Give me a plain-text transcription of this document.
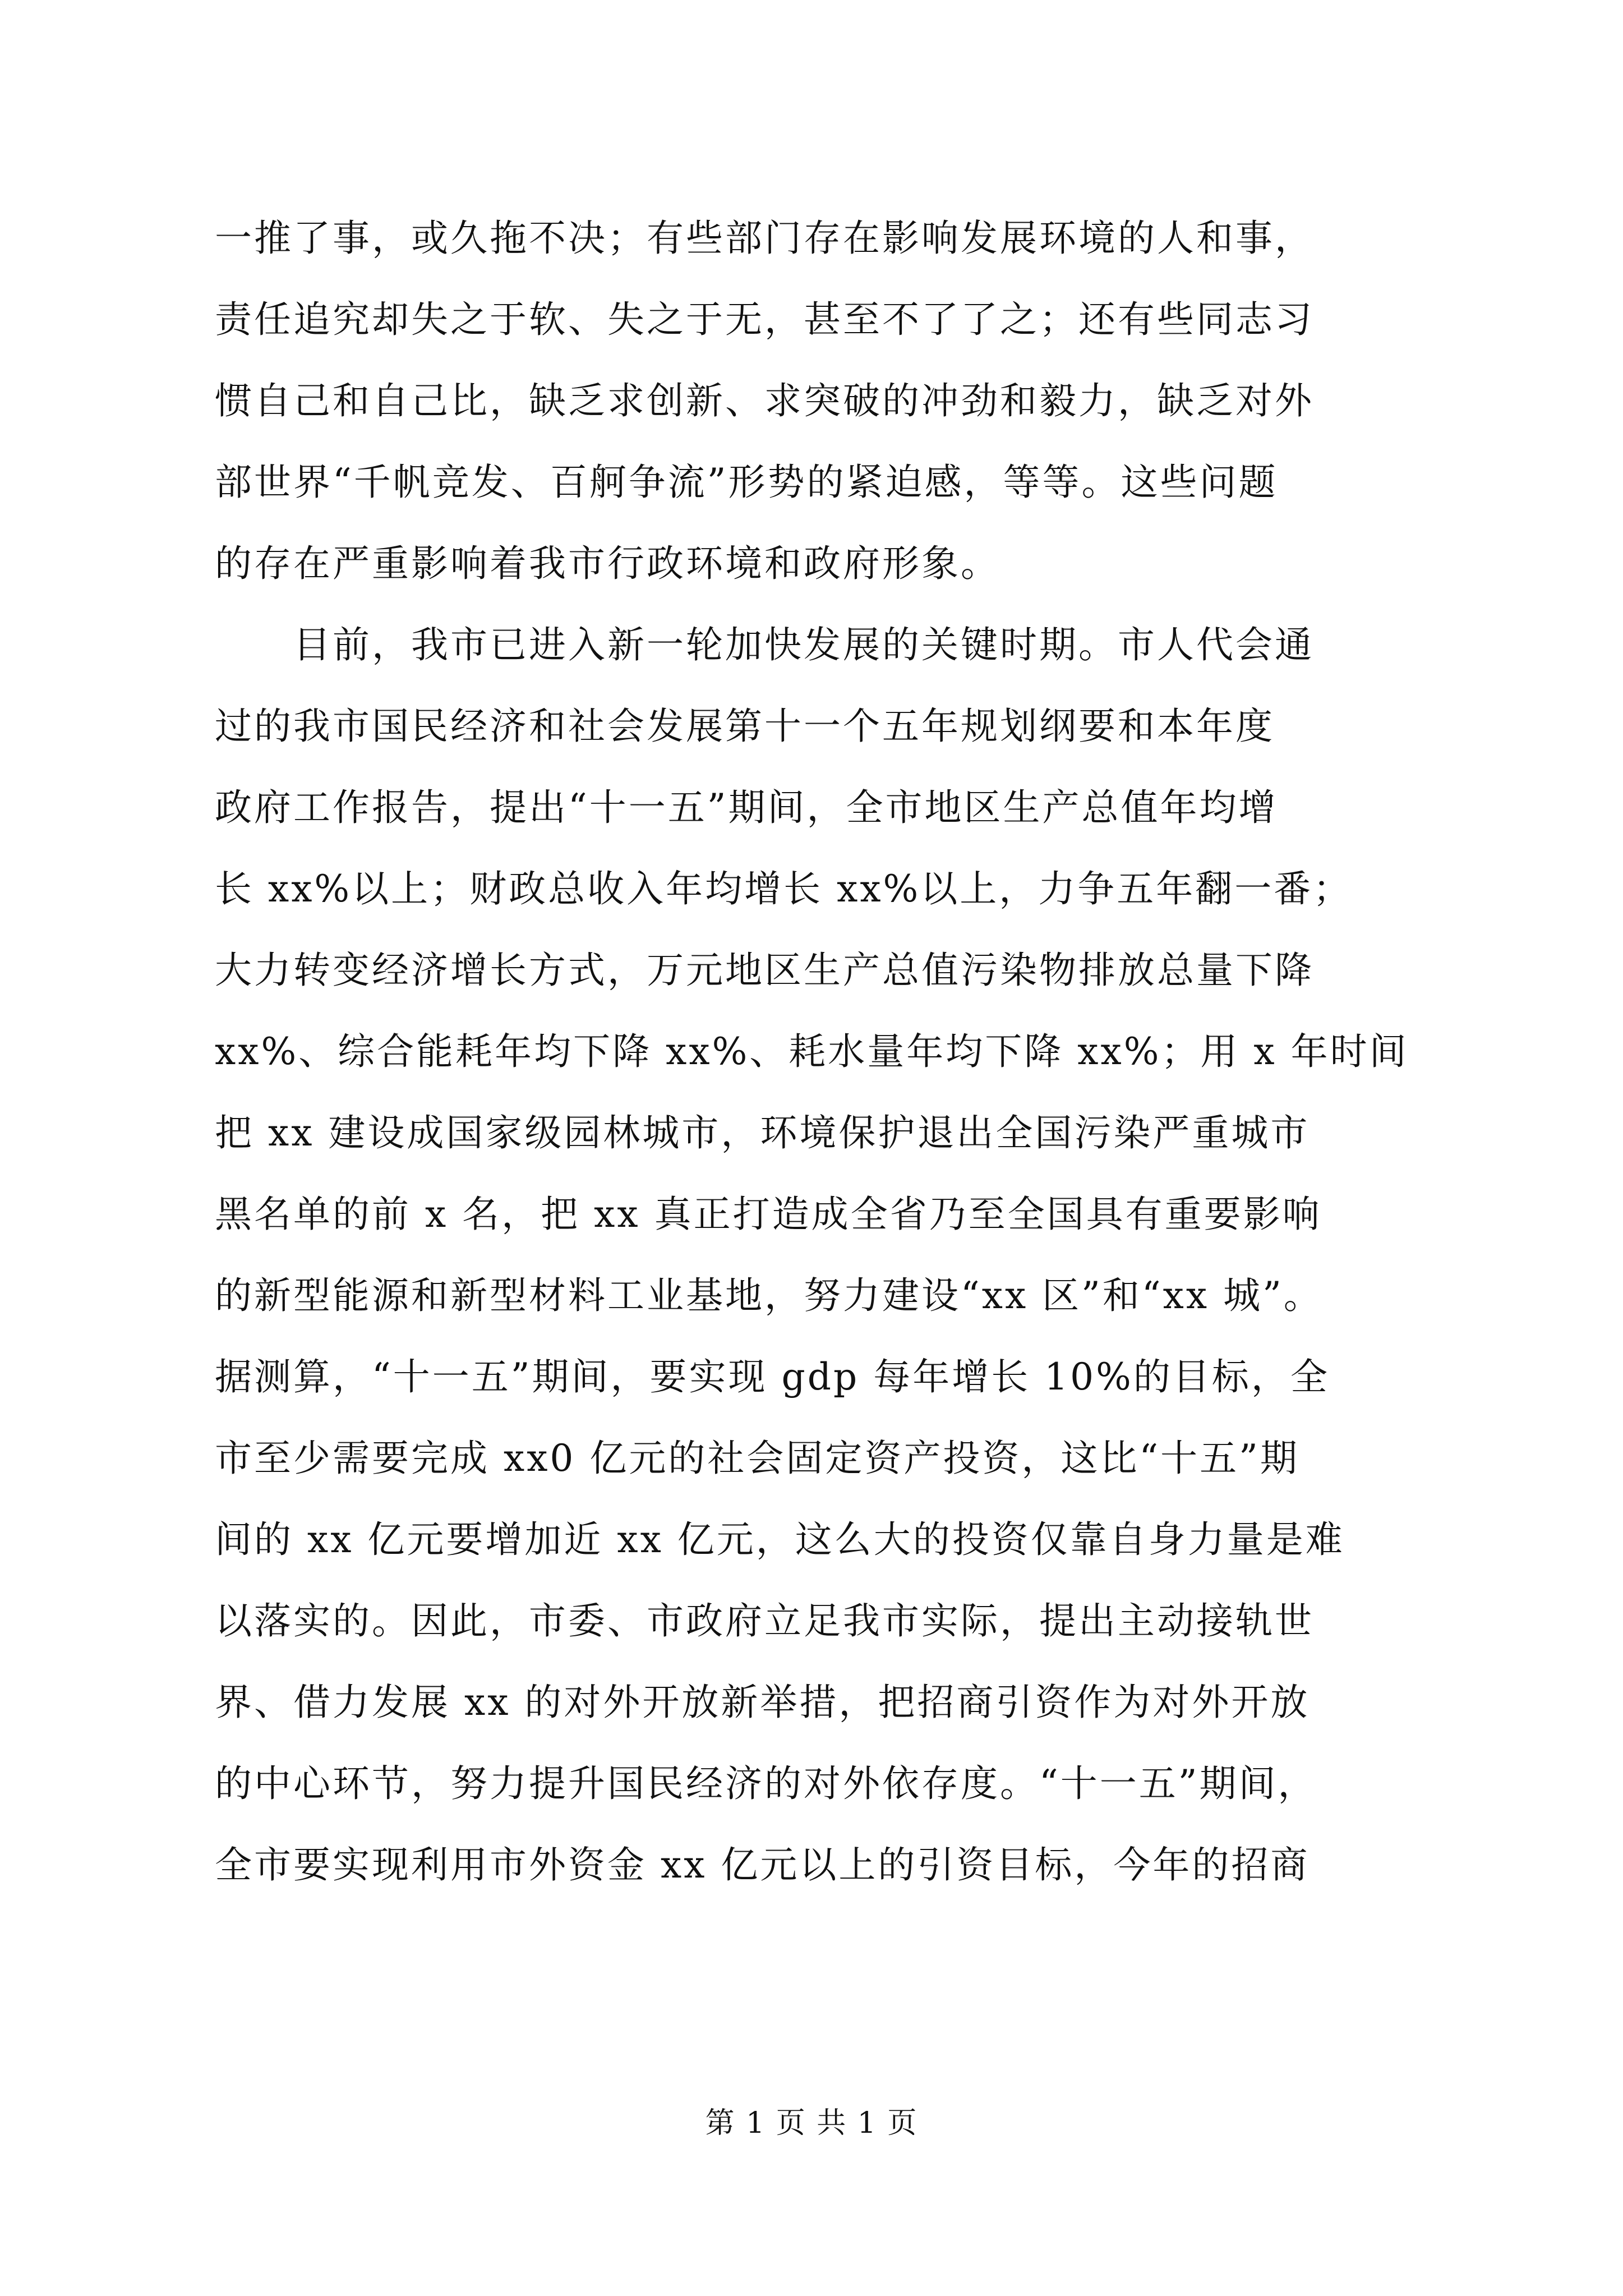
一推了事，或久拖不决；有些部门存在影响发展环境的人和事，
责任追究却失之于软、失之于无，甚至不了了之；还有些同志习
惯自己和自己比，缺乏求创新、求突破的冲劲和毅力，缺乏对外
部世界“千帆竞发、百舸争流”形势的紧迫感，等等。这些问题
的存在严重影响着我市行政环境和政府形象。
　　目前，我市已进入新一轮加快发展的关键时期。市人代会通
过的我市国民经济和社会发展第十一个五年规划纲要和本年度
政府工作报告，提出“十一五”期间，全市地区生产总值年均增
长 xx%以上；财政总收入年均增长 xx%以上，力争五年翻一番；
大力转变经济增长方式，万元地区生产总值污染物排放总量下降
xx%、综合能耗年均下降 xx%、耗水量年均下降 xx%；用 x 年时间
把 xx 建设成国家级园林城市，环境保护退出全国污染严重城市
黑名单的前 x 名，把 xx 真正打造成全省乃至全国具有重要影响
的新型能源和新型材料工业基地，努力建设“xx 区”和“xx 城”。
据测算，“十一五”期间，要实现 gdp 每年增长 10%的目标，全
市至少需要完成 xx0 亿元的社会固定资产投资，这比“十五”期
间的 xx 亿元要增加近 xx 亿元，这么大的投资仅靠自身力量是难
以落实的。因此，市委、市政府立足我市实际，提出主动接轨世
界、借力发展 xx 的对外开放新举措，把招商引资作为对外开放
的中心环节，努力提升国民经济的对外依存度。“十一五”期间，
全市要实现利用市外资金 xx 亿元以上的引资目标，今年的招商
第 1 页 共 1 页
